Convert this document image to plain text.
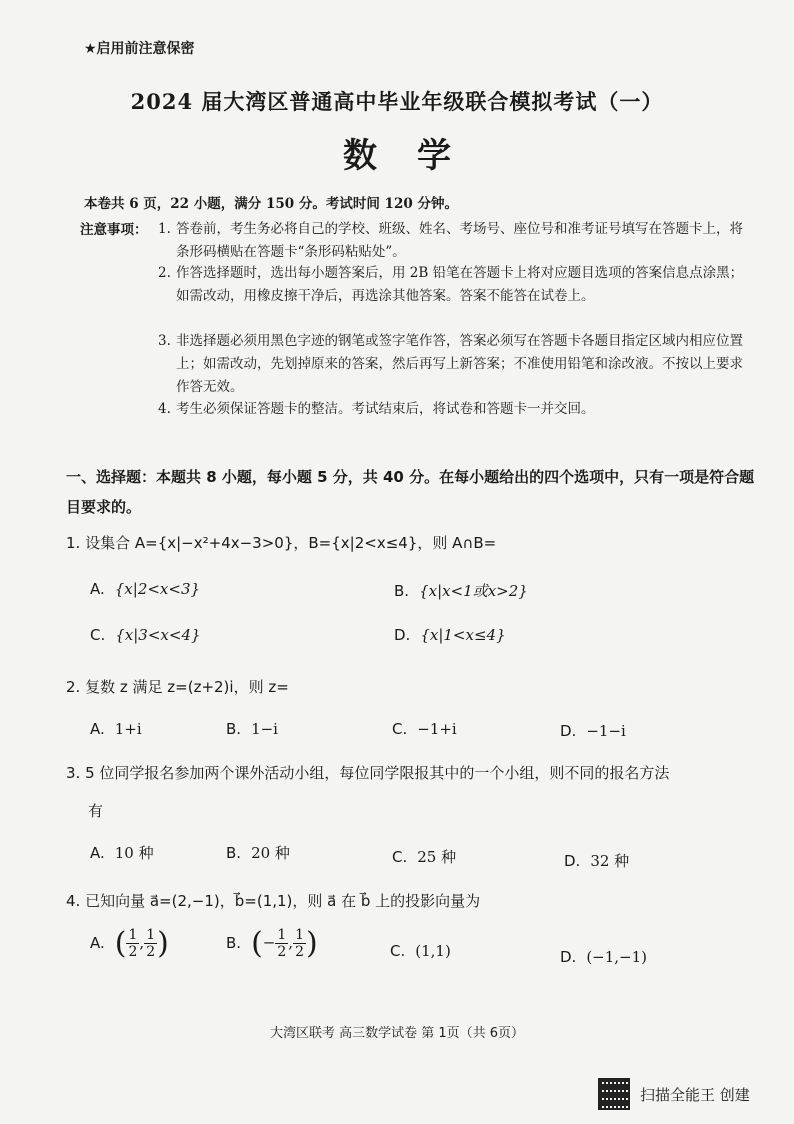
★启用前注意保密
2024 届大湾区普通高中毕业年级联合模拟考试（一）
数学
本卷共 6 页，22 小题，满分 150 分。考试时间 120 分钟。
注意事项： 1. 答卷前，考生务必将自己的学校、班级、姓名、考场号、座位号和准考证号填写在答题卡上，将条形码横贴在答题卡“条形码粘贴处”。
2. 作答选择题时，选出每小题答案后，用 2B 铅笔在答题卡上将对应题目选项的答案信息点涂黑；如需改动，用橡皮擦干净后，再选涂其他答案。答案不能答在试卷上。
3. 非选择题必须用黑色字迹的钢笔或签字笔作答，答案必须写在答题卡各题目指定区域内相应位置上；如需改动，先划掉原来的答案，然后再写上新答案；不准使用铅笔和涂改液。不按以上要求作答无效。
4. 考生必须保证答题卡的整洁。考试结束后，将试卷和答题卡一并交回。
一、选择题：本题共 8 小题，每小题 5 分，共 40 分。在每小题给出的四个选项中，只有一项是符合题目要求的。
1. 设集合 A={x|−x²+4x−3>0}，B={x|2<x≤4}，则 A∩B=
A. {x|2<x<3}	B. {x|x<1或x>2}
C. {x|3<x<4}	D. {x|1<x≤4}
2. 复数 z 满足 z=(z+2)i，则 z=
A. 1+i	B. 1−i	C. −1+i	D. −1−i
3. 5 位同学报名参加两个课外活动小组，每位同学限报其中的一个小组，则不同的报名方法
有
A. 10 种	B. 20 种	C. 25 种	D. 32 种
4. 已知向量 a⃗=(2,−1)，b⃗=(1,1)，则 a⃗ 在 b⃗ 上的投影向量为
A. ( $\frac{1}{2}$ , $\frac{1}{2}$ )	B. (− $\frac{1}{2}$ , $\frac{1}{2}$ )	C. (1,1)	D. (−1,−1)
大湾区联考 高三数学试卷 第 1页（共 6页）
扫描全能王 创建
